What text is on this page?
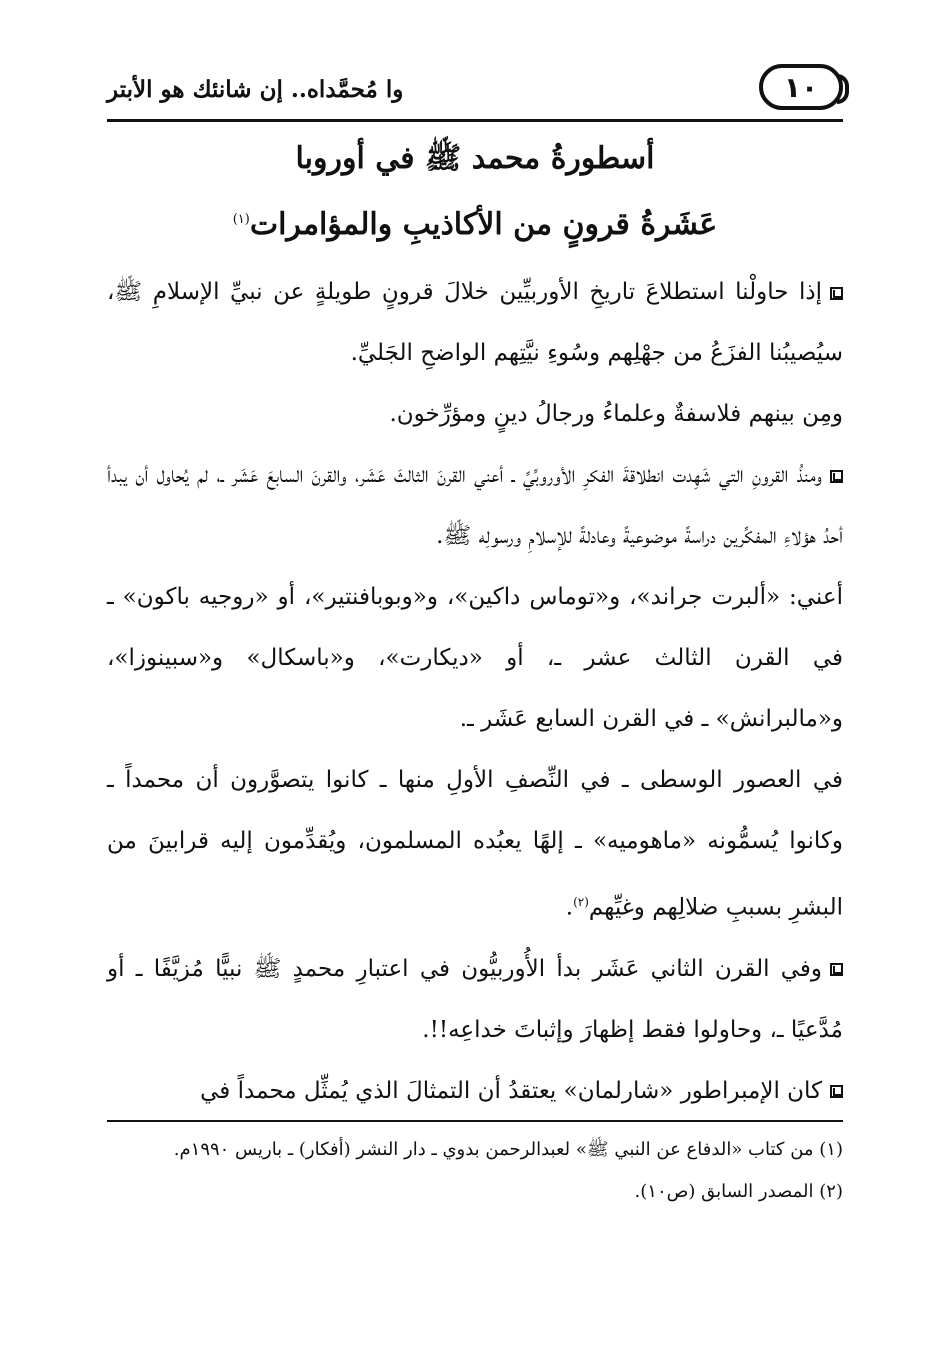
١٠
وا مُحمَّداه.. إن شانئك هو الأبتر
أسطورةُ محمد ﷺ في أوروبا
عَشَرةُ قرونٍ من الأكاذيبِ والمؤامرات$^{(١)}$

إذا حاولْنا استطلاعَ تاريخِ الأوربيِّين خلالَ قرونٍ طويلةٍ عن نبيِّ الإسلامِ ﷺ، سيُصيبُنا الفزَعُ من جهْلِهم وسُوءِ نيَّتِهم الواضحِ الجَليِّ.

ومِن بينهم فلاسفةٌ وعلماءُ ورجالُ دينٍ ومؤرِّخون.

ومنذُ القرونِ التي شَهِدت انطلاقةَ الفكرِ الأوروبِّيِّ ـ أعني القرنَ الثالثَ عَشَر، والقرنَ السابعَ عَشَر ـ، لم يُحاول أن يبدأ أحدُ هؤلاءِ المفكِّرين دراسةً موضوعيةً وعادلةً للإسلامِ ورسولِه ﷺ.

أعني: «ألبرت جراند»، و«توماس داكين»، و«وبوبافنتير»، أو «روجيه باكون» ـ في القرن الثالث عشر ـ، أو «ديكارت»، و«باسكال» و«سبينوزا»، و«مالبرانش» ـ في القرن السابع عَشَر ـ.

في العصور الوسطى ـ في النِّصفِ الأولِ منها ـ كانوا يتصوَّرون أن محمداً ـ وكانوا يُسمُّونه «ماهوميه» ـ إلهًا يعبُده المسلمون، ويُقدِّمون إليه قرابينَ من البشرِ بسببِ ضلالِهم وغيِّهم$^{(٢)}$.

وفي القرن الثاني عَشَر بدأ الأُوربيُّون في اعتبارِ محمدٍ ﷺ نبيًّا مُزيَّفًا ـ أو مُدَّعيًا ـ، وحاولوا فقط إظهارَ وإثباتَ خداعِه!!.

كان الإمبراطور «شارلمان» يعتقدُ أن التمثالَ الذي يُمثِّل محمداً في

(١) من كتاب «الدفاع عن النبي ﷺ» لعبدالرحمن بدوي ـ دار النشر (أفكار) ـ باريس ١٩٩٠م.

(٢) المصدر السابق (ص١٠).
